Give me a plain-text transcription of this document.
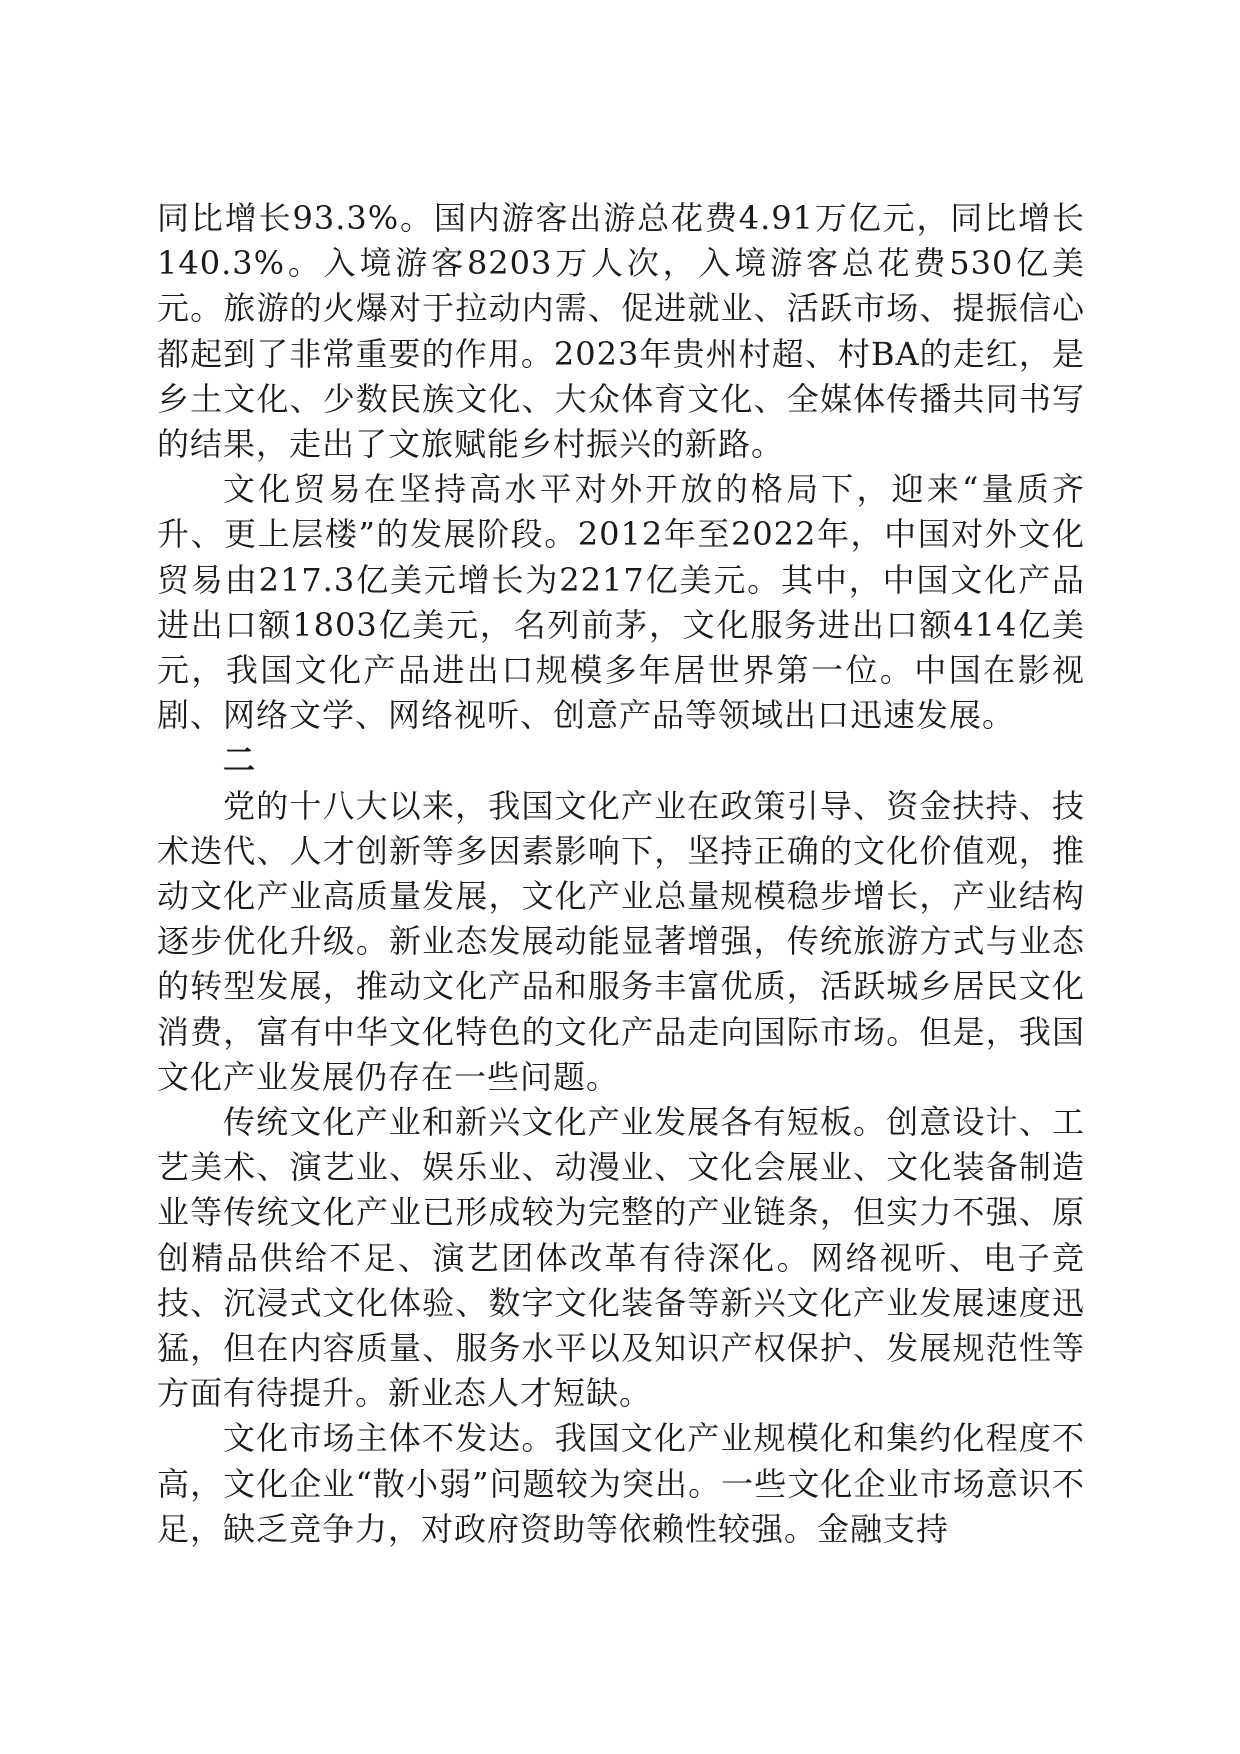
同比增长93.3%。国内游客出游总花费4.91万亿元，同比增长140.3%。入境游客8203万人次，入境游客总花费530亿美元。旅游的火爆对于拉动内需、促进就业、活跃市场、提振信心都起到了非常重要的作用。2023年贵州村超、村BA的走红，是乡土文化、少数民族文化、大众体育文化、全媒体传播共同书写的结果，走出了文旅赋能乡村振兴的新路。

文化贸易在坚持高水平对外开放的格局下，迎来“量质齐升、更上层楼”的发展阶段。2012年至2022年，中国对外文化贸易由217.3亿美元增长为2217亿美元。其中，中国文化产品进出口额1803亿美元，名列前茅，文化服务进出口额414亿美元，我国文化产品进出口规模多年居世界第一位。中国在影视剧、网络文学、网络视听、创意产品等领域出口迅速发展。

二

党的十八大以来，我国文化产业在政策引导、资金扶持、技术迭代、人才创新等多因素影响下，坚持正确的文化价值观，推动文化产业高质量发展，文化产业总量规模稳步增长，产业结构逐步优化升级。新业态发展动能显著增强，传统旅游方式与业态的转型发展，推动文化产品和服务丰富优质，活跃城乡居民文化消费，富有中华文化特色的文化产品走向国际市场。但是，我国文化产业发展仍存在一些问题。

传统文化产业和新兴文化产业发展各有短板。创意设计、工艺美术、演艺业、娱乐业、动漫业、文化会展业、文化装备制造业等传统文化产业已形成较为完整的产业链条，但实力不强、原创精品供给不足、演艺团体改革有待深化。网络视听、电子竞技、沉浸式文化体验、数字文化装备等新兴文化产业发展速度迅猛，但在内容质量、服务水平以及知识产权保护、发展规范性等方面有待提升。新业态人才短缺。

文化市场主体不发达。我国文化产业规模化和集约化程度不高，文化企业“散小弱”问题较为突出。一些文化企业市场意识不足，缺乏竞争力，对政府资助等依赖性较强。金融支持
